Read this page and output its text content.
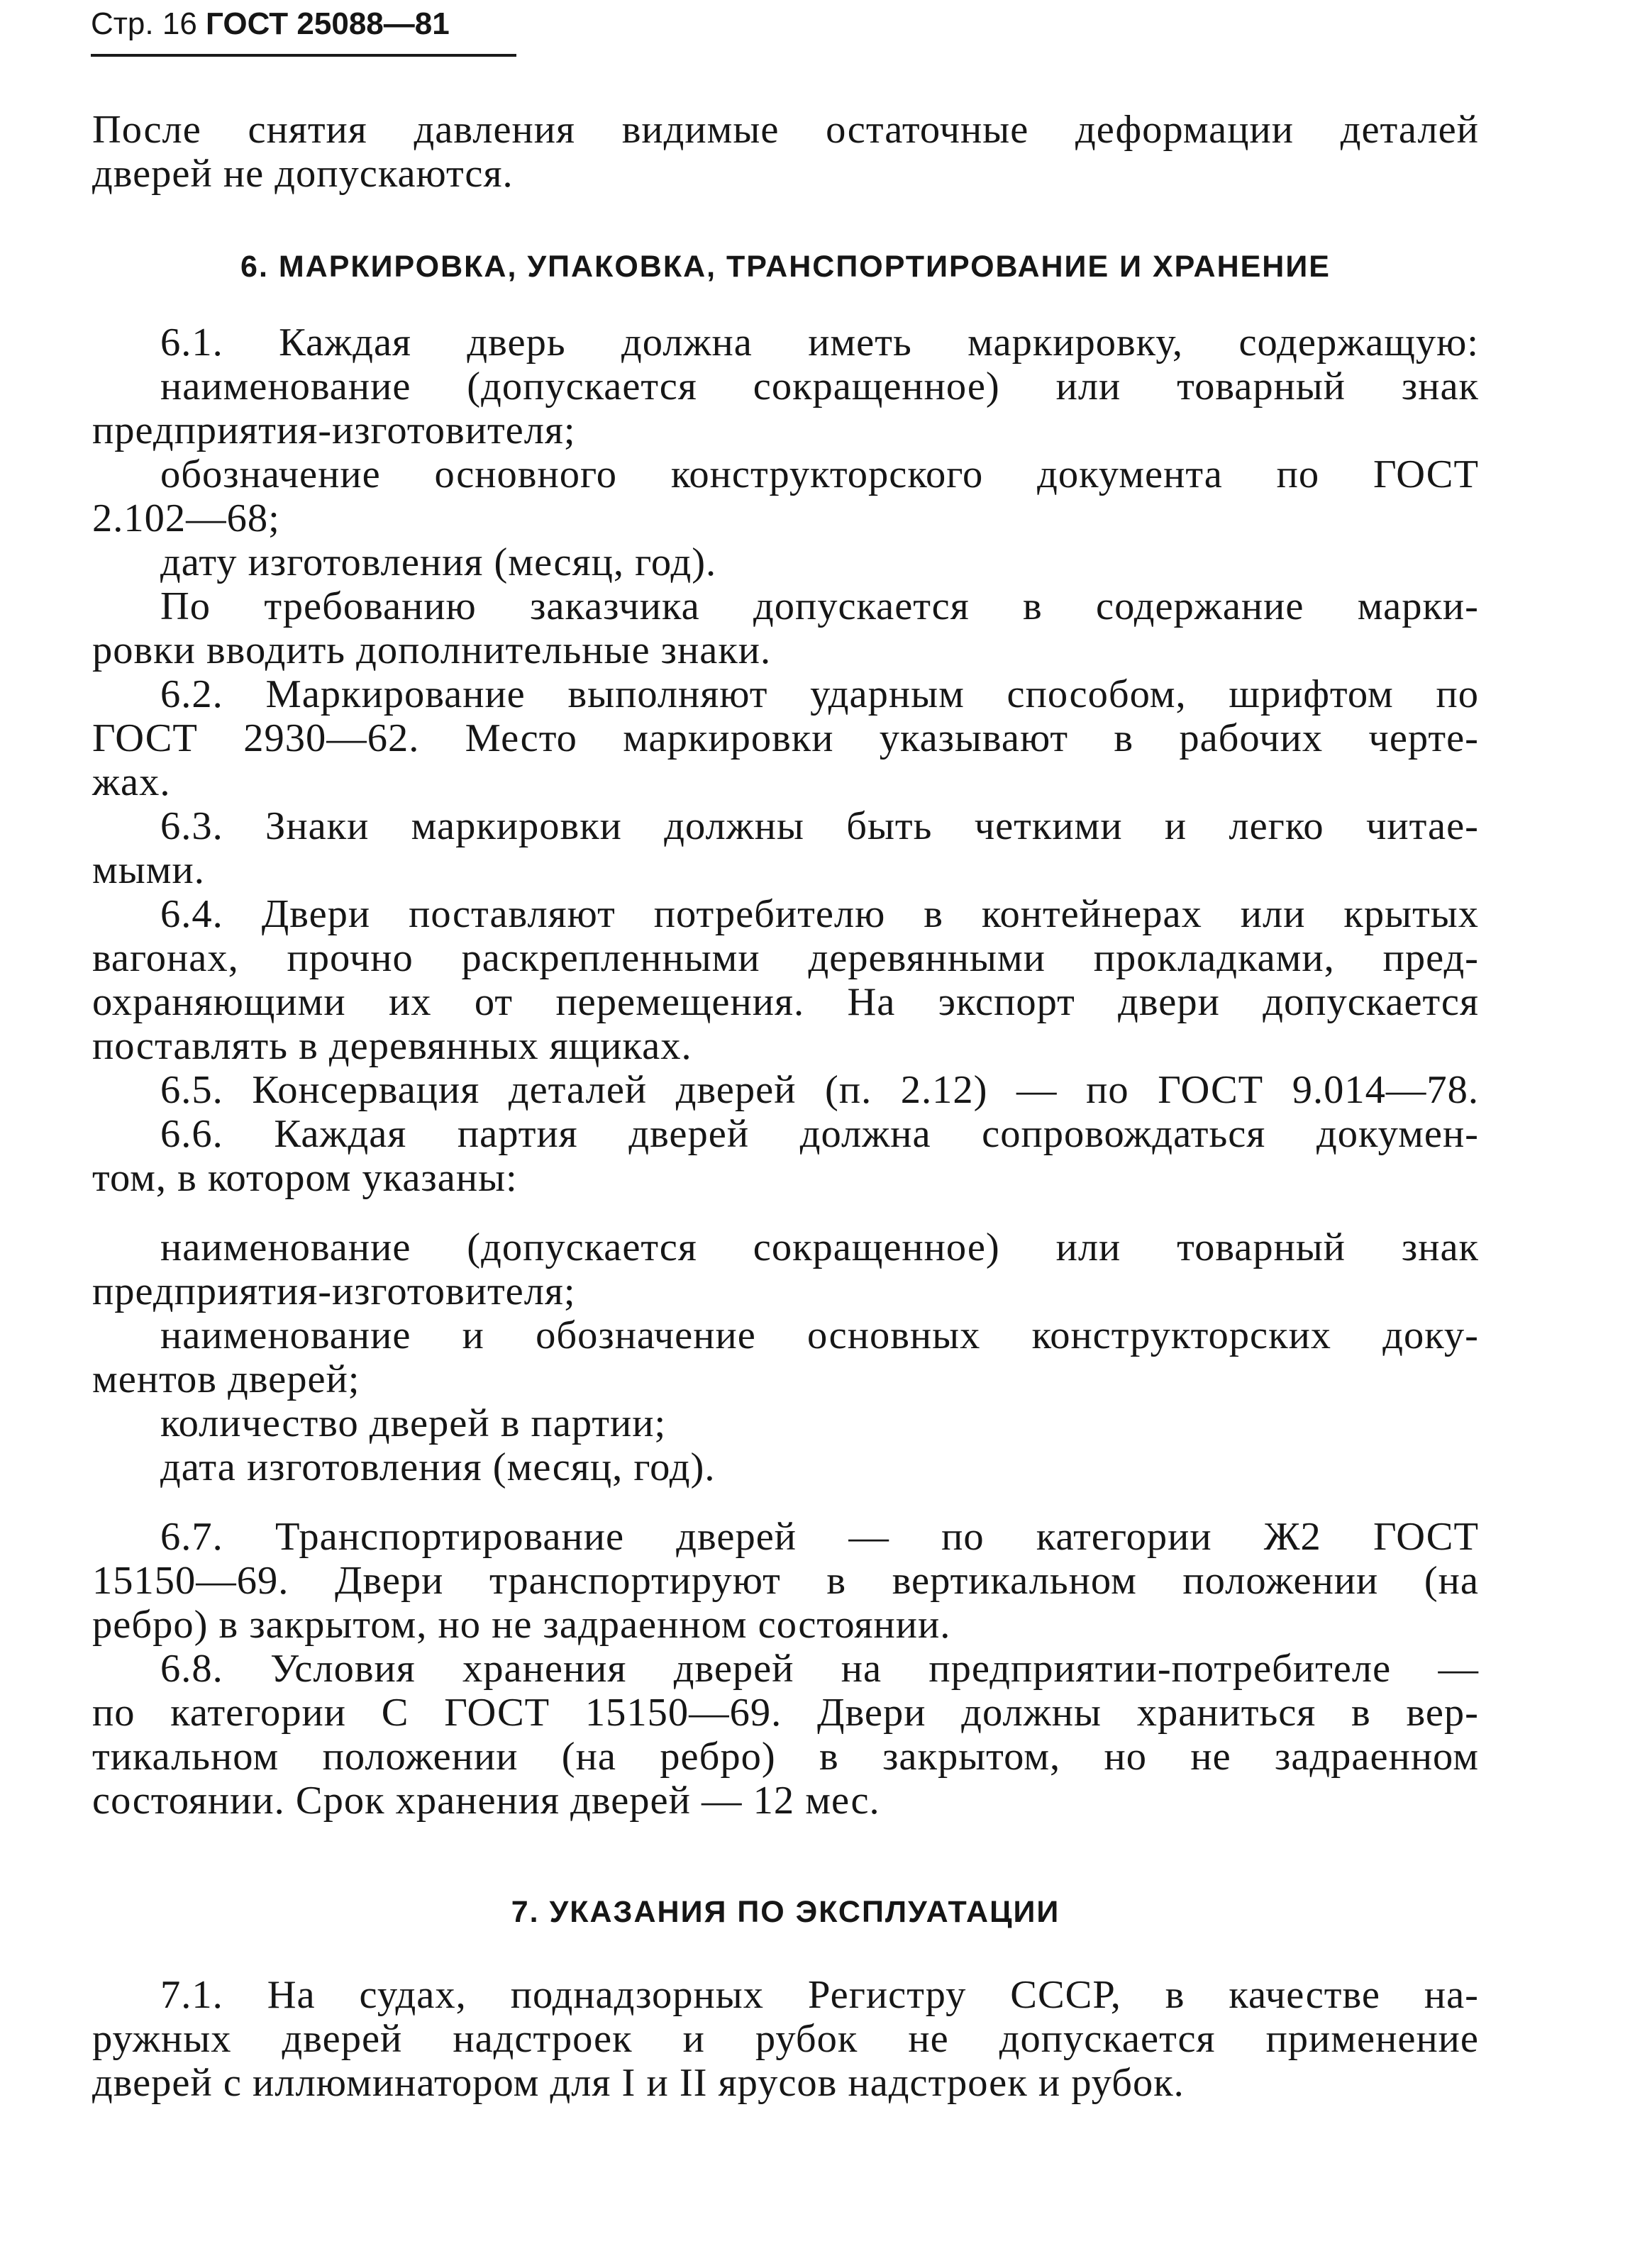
Стр. 16 ГОСТ 25088—81
После снятия давления видимые остаточные деформации деталей
дверей не допускаются.
6. МАРКИРОВКА, УПАКОВКА, ТРАНСПОРТИРОВАНИЕ И ХРАНЕНИЕ
6.1. Каждая дверь должна иметь маркировку, содержащую:
наименование (допускается сокращенное) или товарный знак
предприятия-изготовителя;
обозначение основного конструкторского документа по ГОСТ
2.102—68;
дату изготовления (месяц, год).
По требованию заказчика допускается в содержание марки-
ровки вводить дополнительные знаки.
6.2. Маркирование выполняют ударным способом, шрифтом по
ГОСТ 2930—62. Место маркировки указывают в рабочих черте-
жах.
6.3. Знаки маркировки должны быть четкими и легко читае-
мыми.
6.4. Двери поставляют потребителю в контейнерах или крытых
вагонах, прочно раскрепленными деревянными прокладками, пред-
охраняющими их от перемещения. На экспорт двери допускается
поставлять в деревянных ящиках.
6.5. Консервация деталей дверей (п. 2.12) — по ГОСТ 9.014—78.
6.6. Каждая партия дверей должна сопровождаться докумен-
том, в котором указаны:
наименование (допускается сокращенное) или товарный знак
предприятия-изготовителя;
наименование и обозначение основных конструкторских доку-
ментов дверей;
количество дверей в партии;
дата изготовления (месяц, год).
6.7. Транспортирование дверей — по категории Ж2 ГОСТ
15150—69. Двери транспортируют в вертикальном положении (на
ребро) в закрытом, но не задраенном состоянии.
6.8. Условия хранения дверей на предприятии-потребителе —
по категории С ГОСТ 15150—69. Двери должны храниться в вер-
тикальном положении (на ребро) в закрытом, но не задраенном
состоянии. Срок хранения дверей — 12 мес.
7. УКАЗАНИЯ ПО ЭКСПЛУАТАЦИИ
7.1. На судах, поднадзорных Регистру СССР, в качестве на-
ружных дверей надстроек и рубок не допускается применение
дверей с иллюминатором для I и II ярусов надстроек и рубок.
